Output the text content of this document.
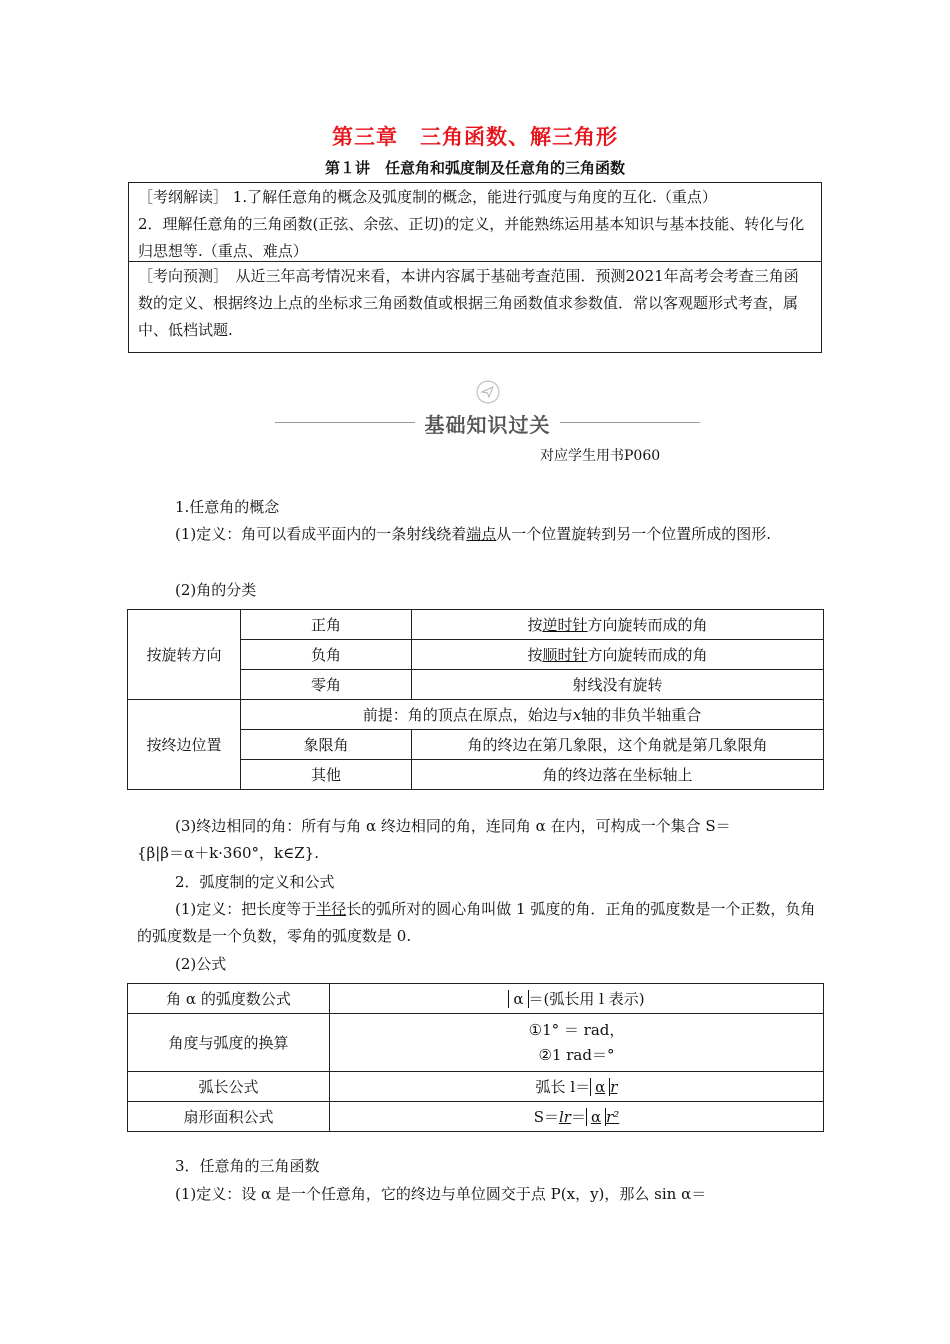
第三章　三角函数、解三角形
第１讲　任意角和弧度制及任意角的三角函数
［考纲解读］ 1.了解任意角的概念及弧度制的概念，能进行弧度与角度的互化.（重点）
2．理解任意角的三角函数(正弦、余弦、正切)的定义，并能熟练运用基本知识与基本技能、转化与化归思想等.（重点、难点）
［考向预测］　从近三年高考情况来看，本讲内容属于基础考查范围．预测2021年高考会考查三角函数的定义、根据终边上点的坐标求三角函数值或根据三角函数值求参数值．常以客观题形式考查，属中、低档试题.
基础知识过关
对应学生用书P060
1.任意角的概念
(1)定义：角可以看成平面内的一条射线绕着端点从一个位置旋转到另一个位置所成的图形.
(2)角的分类
按旋转方向	正角	按逆时针方向旋转而成的角
	负角	按顺时针方向旋转而成的角
	零角	射线没有旋转
按终边位置	前提：角的顶点在原点，始边与x轴的非负半轴重合	
	象限角	角的终边在第几象限，这个角就是第几象限角
	其他	角的终边落在坐标轴上
(3)终边相同的角：所有与角 α 终边相同的角，连同角 α 在内，可构成一个集合 S＝
{β|β＝α＋k·360°，k∈Z}.
2．弧度制的定义和公式
(1)定义：把长度等于半径长的弧所对的圆心角叫做 1 弧度的角．正角的弧度数是一个正数，负角的弧度数是一个负数，零角的弧度数是 0.
(2)公式
角 α 的弧度数公式	α ＝(弧长用 l 表示)
角度与弧度的换算	①1° ＝ rad，
②1 rad＝°
弧长公式	弧长 l＝ α r
扇形面积公式	S＝lr＝ α r²
3．任意角的三角函数
(1)定义：设 α 是一个任意角，它的终边与单位圆交于点 P(x，y)，那么 sin α＝
